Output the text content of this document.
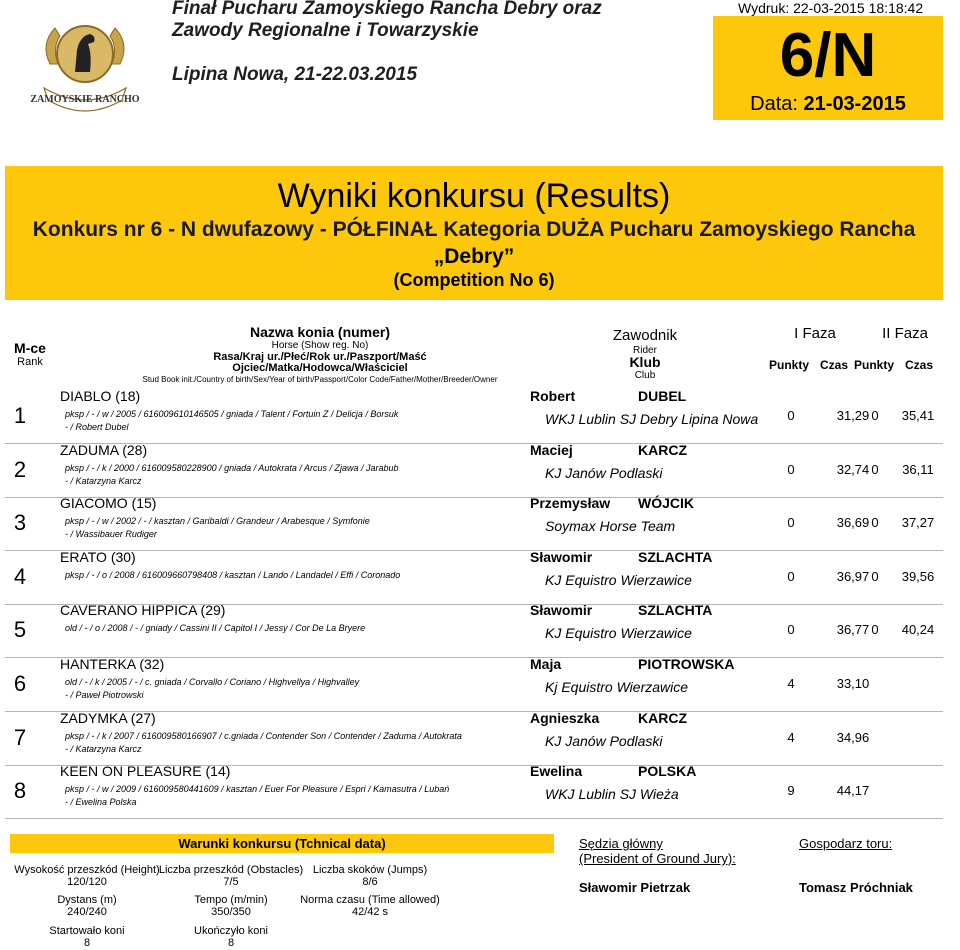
ZAMOYSKIE RANCHO
Finał Pucharu Zamoyskiego Rancha Debry oraz
Zawody Regionalne i Towarzyskie
Lipina Nowa, 21-22.03.2015
Wydruk: 22-03-2015 18:18:42
6/N
Data: 21-03-2015
Wyniki konkursu (Results)
Konkurs nr 6 - N dwufazowy - PÓŁFINAŁ Kategoria DUŻA Pucharu Zamoyskiego Rancha
„Debry”
(Competition No 6)
M-ce
Rank
Nazwa konia (numer)
Horse (Show reg. No)
Rasa/Kraj ur./Płeć/Rok ur./Paszport/Maść
Ojciec/Matka/Hodowca/Właściciel
Stud Book init./Country of birth/Sex/Year of birth/Passport/Color Code/Father/Mother/Breeder/Owner
Zawodnik
Rider
Klub
Club
I Faza	II Faza
Punkty Czas Punkty Czas
1
DIABLO (18)
pksp / - / w / 2005 / 616009610146505 / gniada / Talent / Fortuin Z / Delicja / Borsuk
- / Robert Dubel
Robert	DUBEL
WKJ Lublin SJ Debry Lipina Nowa	0	31,29 0	35,41
2
ZADUMA (28)
pksp / - / k / 2000 / 616009580228900 / gniada / Autokrata / Arcus / Zjawa / Jarabub
- / Katarzyna Karcz
Maciej	KARCZ
KJ Janów Podlaski	0	32,74 0	36,11
3
GIACOMO (15)
pksp / - / w / 2002 / - / kasztan / Garibaldi / Grandeur / Arabesque / Symfonie
- / Wassibauer Rudiger
Przemysław WÓJCIK
Soymax Horse Team	0	36,69 0	37,27
4
ERATO (30)
pksp / - / o / 2008 / 616009660798408 / kasztan / Lando / Landadel / Effi / Coronado
Sławomir	SZLACHTA
KJ Equistro Wierzawice	0	36,97 0	39,56
5
CAVERANO HIPPICA (29)
old / - / o / 2008 / - / gniady / Cassini II / Capitol I / Jessy / Cor De La Bryere
Sławomir	SZLACHTA
KJ Equistro Wierzawice	0	36,77 0	40,24
6
HANTERKA (32)
old / - / k / 2005 / - / c. gniada / Corvallo / Coriano / Highvellya / Highvalley
- / Paweł Piotrowski
Maja	PIOTROWSKA
Kj Equistro Wierzawice	4	33,10
7
ZADYMKA (27)
pksp / - / k / 2007 / 616009580166907 / c.gniada / Contender Son / Contender / Zaduma / Autokrata
- / Katarzyna Karcz
Agnieszka	KARCZ
KJ Janów Podlaski	4	34,96
8
KEEN ON PLEASURE (14)
pksp / - / w / 2009 / 616009580441609 / kasztan / Euer For Pleasure / Espri / Kamasutra / Lubań
- / Ewelina Polska
Ewelina	POLSKA
WKJ Lublin SJ Wieża	9	44,17
Warunki konkursu (Tchnical data)
Wysokość przeszkód (Height)
120/120
Liczba przeszkód (Obstacles)
7/5
Liczba skoków (Jumps)
8/6
Dystans (m)
240/240
Tempo (m/min)
350/350
Norma czasu (Time allowed)
42/42 s
Startowało koni
8
Ukończyło koni
8
Sędzia główny
(President of Ground Jury):
Sławomir Pietrzak
Gospodarz toru:
Tomasz Próchniak
